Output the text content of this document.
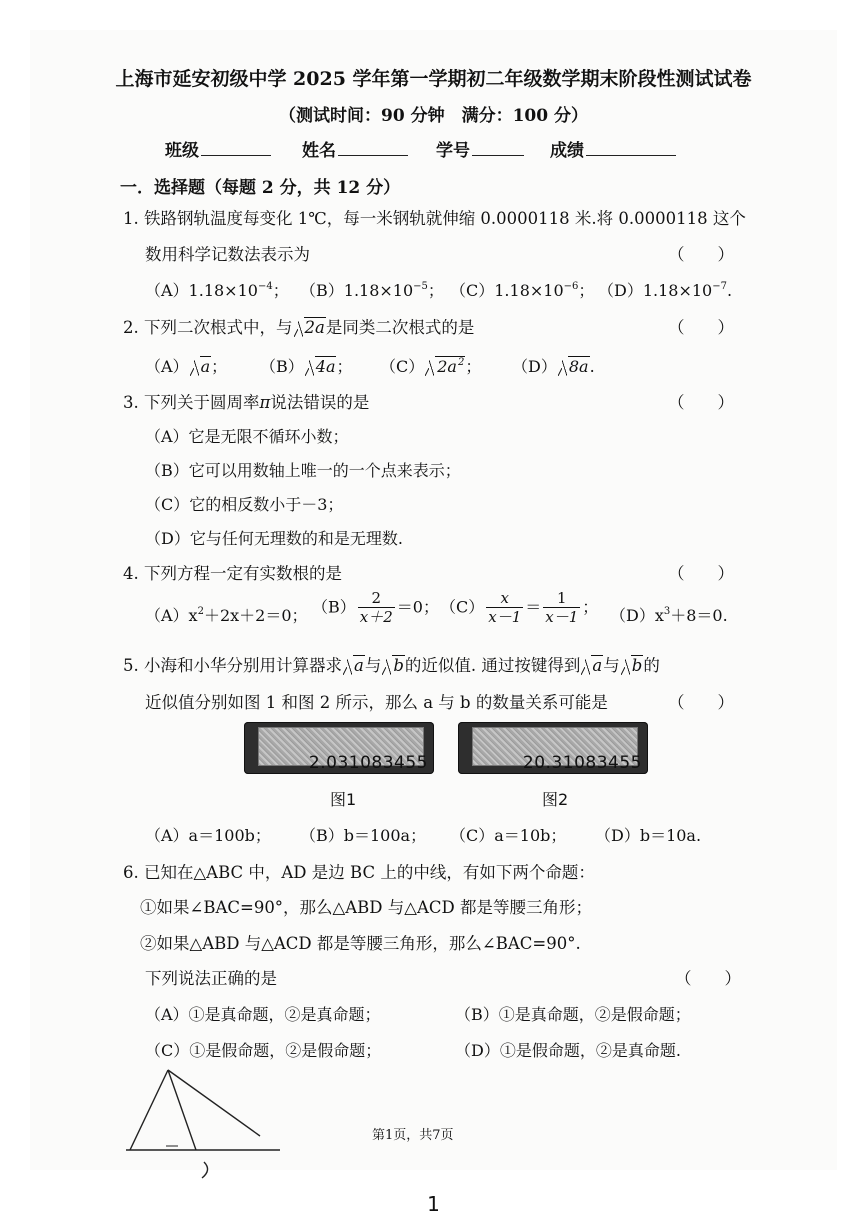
上海市延安初级中学 2025 学年第一学期初二年级数学期末阶段性测试试卷
（测试时间：90 分钟　满分：100 分）
班级	姓名	学号	成绩
一．选择题（每题 2 分，共 12 分）
1. 铁路钢轨温度每变化 1℃，每一米钢轨就伸缩 0.0000118 米.将 0.0000118 这个
数用科学记数法表示为	（　　）
$(A)1.18\times 10^{-4}$； $(B)1.18\times 10^{-5}$； $(C)1.18\times 10^{-6}$； $(D)1.18\times 10^{-7}$.
2. 下列二次根式中，与 2a是同类二次根式的是	（　　）
（A） a； （B） 4a； （C） $2a^2$； （D） 8a.
3. 下列关于圆周率π说法错误的是	（　　）
（A）它是无限不循环小数；
（B）它可以用数轴上唯一的一个点来表示；
（C）它的相反数小于－3；
（D）它与任何无理数的和是无理数.
4. 下列方程一定有实数根的是	（　　）
$(A)x^2+2x+2=0$； $(B) \frac{2}{x+2} =0$； $(C) \frac{x}{x-1} = \frac{1}{x-1}$ ； $(D)x^3+8=0$.
5. 小海和小华分别用计算器求 a与 b的近似值. 通过按键得到 a与 b的
近似值分别如图 1 和图 2 所示，那么 a 与 b 的数量关系可能是	（　　）
2.031083455	20.31083455
图1	图2
（A）a＝100b； （B）b＝100a； （C）a＝10b； （D）b＝10a.
6. 已知在△ABC 中，AD 是边 BC 上的中线，有如下两个命题：
①如果∠BAC=90°，那么△ABD 与△ACD 都是等腰三角形；
②如果△ABD 与△ACD 都是等腰三角形，那么∠BAC=90°.
下列说法正确的是	（　　）
（A）①是真命题，②是真命题；	（B）①是真命题，②是假命题；
（C）①是假命题，②是假命题；	（D）①是假命题，②是真命题.
第1页，共7页
1
